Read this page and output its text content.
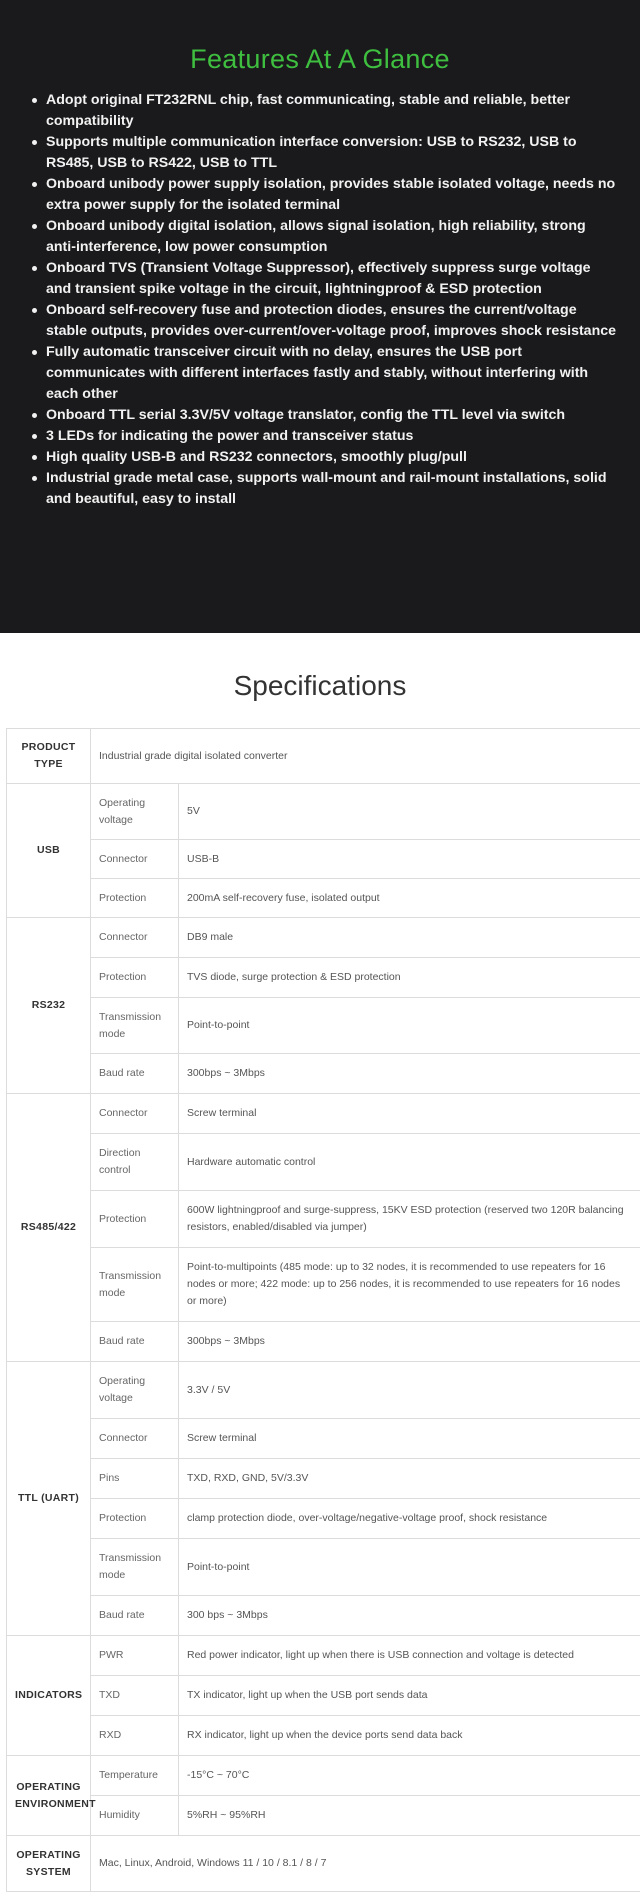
Features At A Glance
Adopt original FT232RNL chip, fast communicating, stable and reliable, better compatibility
Supports multiple communication interface conversion: USB to RS232, USB to RS485, USB to RS422, USB to TTL
Onboard unibody power supply isolation, provides stable isolated voltage, needs no extra power supply for the isolated terminal
Onboard unibody digital isolation, allows signal isolation, high reliability, strong anti-interference, low power consumption
Onboard TVS (Transient Voltage Suppressor), effectively suppress surge voltage and transient spike voltage in the circuit, lightningproof & ESD protection
Onboard self-recovery fuse and protection diodes, ensures the current/voltage stable outputs, provides over-current/over-voltage proof, improves shock resistance
Fully automatic transceiver circuit with no delay, ensures the USB port communicates with different interfaces fastly and stably, without interfering with each other
Onboard TTL serial 3.3V/5V voltage translator, config the TTL level via switch
3 LEDs for indicating the power and transceiver status
High quality USB-B and RS232 connectors, smoothly plug/pull
Industrial grade metal case, supports wall-mount and rail-mount installations, solid and beautiful, easy to install
Specifications
PRODUCT TYPE	Industrial grade digital isolated converter	
USB	Operating voltage	5V
	Connector	USB-B
	Protection	200mA self-recovery fuse, isolated output
RS232	Connector	DB9 male
	Protection	TVS diode, surge protection & ESD protection
	Transmission mode	Point-to-point
	Baud rate	300bps ~ 3Mbps
RS485/422	Connector	Screw terminal
	Direction control	Hardware automatic control
	Protection	600W lightningproof and surge-suppress, 15KV ESD protection (reserved two 120R balancing resistors, enabled/disabled via jumper)
	Transmission mode	Point-to-multipoints (485 mode: up to 32 nodes, it is recommended to use repeaters for 16 nodes or more; 422 mode: up to 256 nodes, it is recommended to use repeaters for 16 nodes or more)
	Baud rate	300bps ~ 3Mbps
TTL (UART)	Operating voltage	3.3V / 5V
	Connector	Screw terminal
	Pins	TXD, RXD, GND, 5V/3.3V
	Protection	clamp protection diode, over-voltage/negative-voltage proof, shock resistance
	Transmission mode	Point-to-point
	Baud rate	300 bps ~ 3Mbps
INDICATORS	PWR	Red power indicator, light up when there is USB connection and voltage is detected
	TXD	TX indicator, light up when the USB port sends data
	RXD	RX indicator, light up when the device ports send data back
OPERATING ENVIRONMENT	Temperature	-15°C ~ 70°C
	Humidity	5%RH ~ 95%RH
OPERATING SYSTEM	Mac, Linux, Android, Windows 11 / 10 / 8.1 / 8 / 7	
